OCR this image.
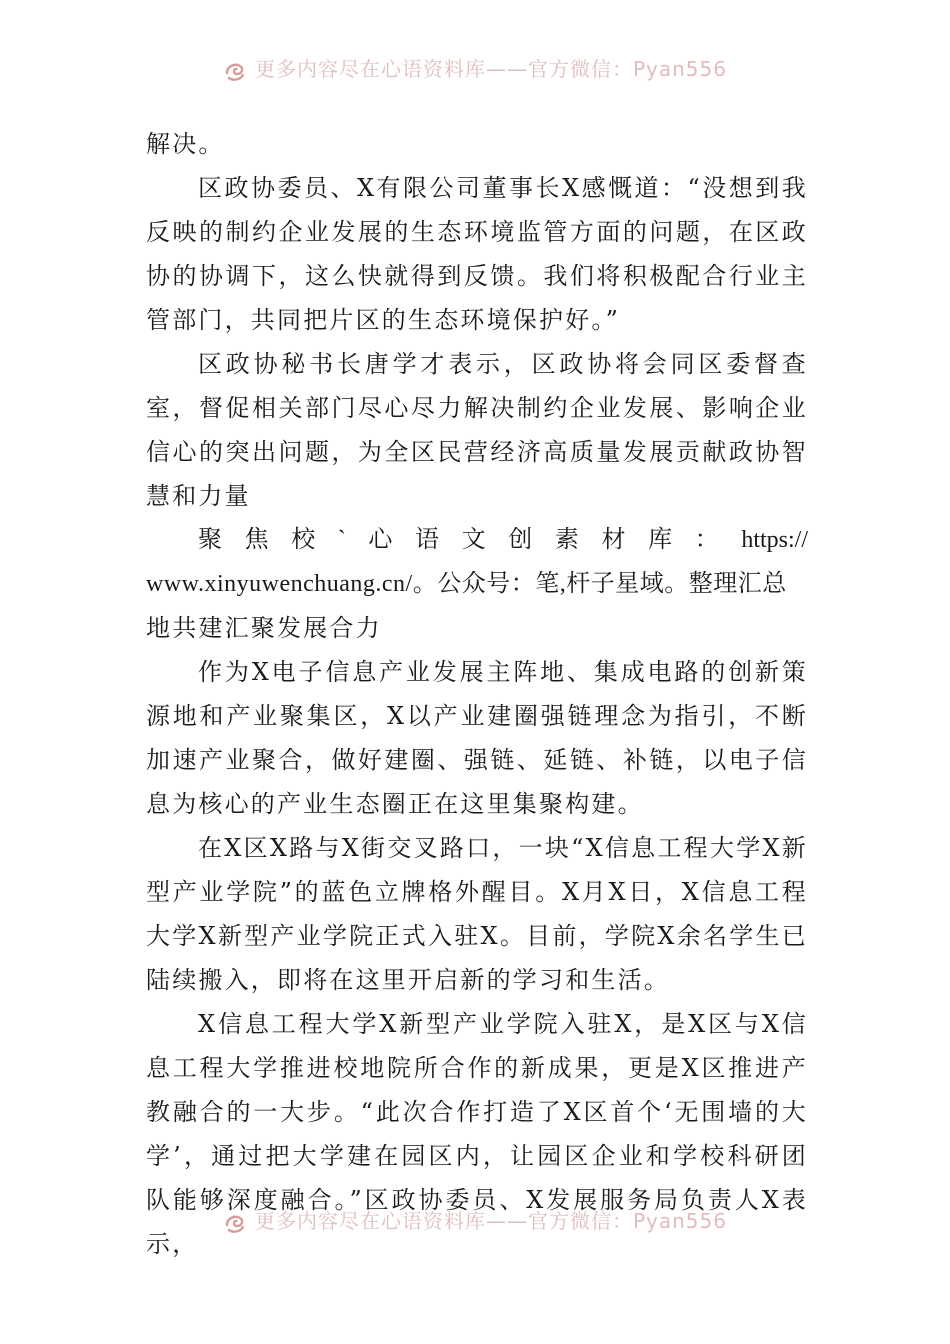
更多内容尽在心语资料库——官方微信：Pyan556

解决。

区政协委员、X有限公司董事长X感慨道：“没想到我反映的制约企业发展的生态环境监管方面的问题，在区政协的协调下，这么快就得到反馈。我们将积极配合行业主管部门，共同把片区的生态环境保护好。”

区政协秘书长唐学才表示，区政协将会同区委督查室，督促相关部门尽心尽力解决制约企业发展、影响企业信心的突出问题，为全区民营经济高质量发展贡献政协智慧和力量

聚焦校`心语文创素材库：https://
www.xinyuwenchuang.cn/。公众号：笔,杆子星域。整理汇总

地共建汇聚发展合力

作为X电子信息产业发展主阵地、集成电路的创新策源地和产业聚集区，X以产业建圈强链理念为指引，不断加速产业聚合，做好建圈、强链、延链、补链，以电子信息为核心的产业生态圈正在这里集聚构建。

在X区X路与X街交叉路口，一块“X信息工程大学X新型产业学院”的蓝色立牌格外醒目。X月X日，X信息工程大学X新型产业学院正式入驻X。目前，学院X余名学生已陆续搬入，即将在这里开启新的学习和生活。

X信息工程大学X新型产业学院入驻X，是X区与X信息工程大学推进校地院所合作的新成果，更是X区推进产教融合的一大步。“此次合作打造了X区首个‘无围墙的大学’，通过把大学建在园区内，让园区企业和学校科研团队能够深度融合。”区政协委员、X发展服务局负责人X表示，

更多内容尽在心语资料库——官方微信：Pyan556
